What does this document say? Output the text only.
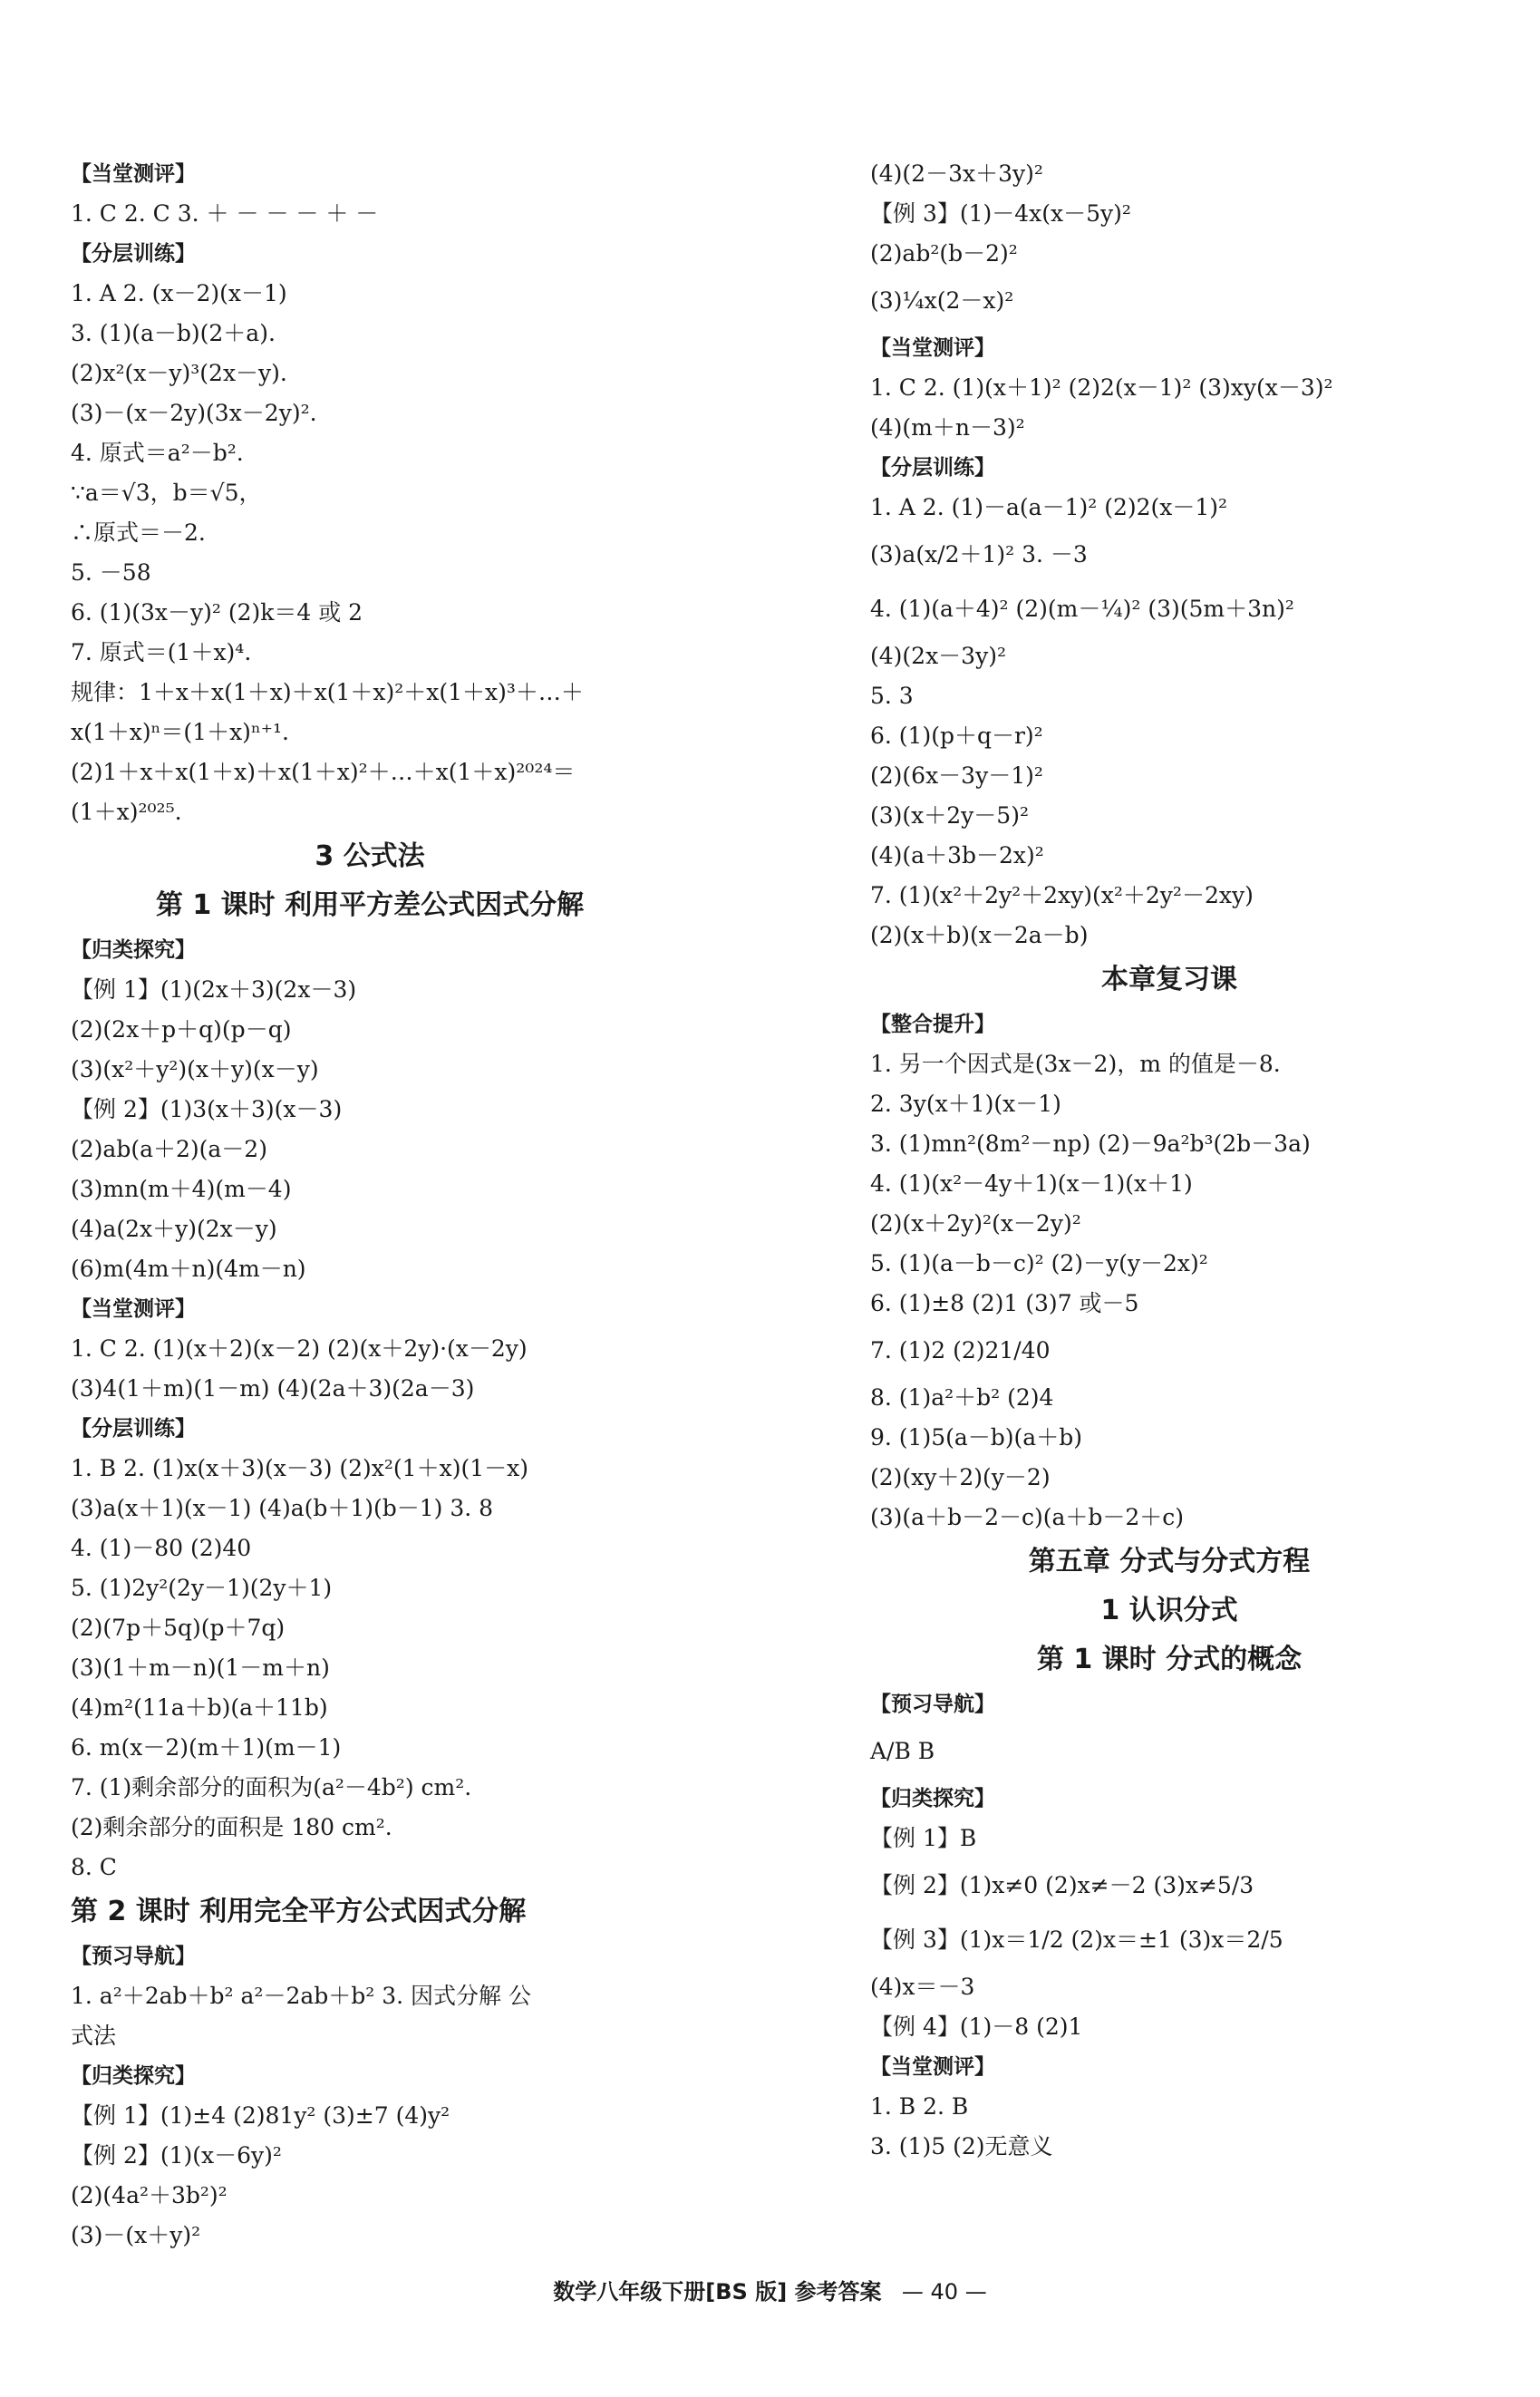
【当堂测评】
1. C 2. C 3. ＋ － － － ＋ －
【分层训练】
1. A 2. (x－2)(x－1)
3. (1)(a－b)(2＋a).
(2)x²(x－y)³(2x－y).
(3)－(x－2y)(3x－2y)².
4. 原式＝a²－b².
∵a＝√3，b＝√5，
∴原式＝－2.
5. －58
6. (1)(3x－y)² (2)k＝4 或 2
7. 原式＝(1＋x)⁴.
规律：1＋x＋x(1＋x)＋x(1＋x)²＋x(1＋x)³＋…＋
x(1＋x)ⁿ＝(1＋x)ⁿ⁺¹.
(2)1＋x＋x(1＋x)＋x(1＋x)²＋…＋x(1＋x)²⁰²⁴＝
(1＋x)²⁰²⁵.
3 公式法
第 1 课时 利用平方差公式因式分解
【归类探究】
【例 1】(1)(2x＋3)(2x－3)
(2)(2x＋p＋q)(p－q)
(3)(x²＋y²)(x＋y)(x－y)
【例 2】(1)3(x＋3)(x－3)
(2)ab(a＋2)(a－2)
(3)mn(m＋4)(m－4)
(4)a(2x＋y)(2x－y)
(6)m(4m＋n)(4m－n)
【当堂测评】
1. C 2. (1)(x＋2)(x－2) (2)(x＋2y)·(x－2y)
(3)4(1＋m)(1－m) (4)(2a＋3)(2a－3)
【分层训练】
1. B 2. (1)x(x＋3)(x－3) (2)x²(1＋x)(1－x)
(3)a(x＋1)(x－1) (4)a(b＋1)(b－1) 3. 8
4. (1)－80 (2)40
5. (1)2y²(2y－1)(2y＋1)
(2)(7p＋5q)(p＋7q)
(3)(1＋m－n)(1－m＋n)
(4)m²(11a＋b)(a＋11b)
6. m(x－2)(m＋1)(m－1)
7. (1)剩余部分的面积为(a²－4b²) cm².
(2)剩余部分的面积是 180 cm².
8. C
第 2 课时 利用完全平方公式因式分解
【预习导航】
1. a²＋2ab＋b² a²－2ab＋b² 3. 因式分解 公
式法
【归类探究】
【例 1】(1)±4 (2)81y² (3)±7 (4)y²
【例 2】(1)(x－6y)²
(2)(4a²＋3b²)²
(3)－(x＋y)²
(4)(2－3x＋3y)²
【例 3】(1)－4x(x－5y)²
(2)ab²(b－2)²
(3)¼x(2－x)²
【当堂测评】
1. C 2. (1)(x＋1)² (2)2(x－1)² (3)xy(x－3)²
(4)(m＋n－3)²
【分层训练】
1. A 2. (1)－a(a－1)² (2)2(x－1)²
(3)a(x/2＋1)² 3. －3
4. (1)(a＋4)² (2)(m－¼)² (3)(5m＋3n)²
(4)(2x－3y)²
5. 3
6. (1)(p＋q－r)²
(2)(6x－3y－1)²
(3)(x＋2y－5)²
(4)(a＋3b－2x)²
7. (1)(x²＋2y²＋2xy)(x²＋2y²－2xy)
(2)(x＋b)(x－2a－b)
本章复习课
【整合提升】
1. 另一个因式是(3x－2)，m 的值是－8.
2. 3y(x＋1)(x－1)
3. (1)mn²(8m²－np) (2)－9a²b³(2b－3a)
4. (1)(x²－4y＋1)(x－1)(x＋1)
(2)(x＋2y)²(x－2y)²
5. (1)(a－b－c)² (2)－y(y－2x)²
6. (1)±8 (2)1 (3)7 或－5
7. (1)2 (2)21/40
8. (1)a²＋b² (2)4
9. (1)5(a－b)(a＋b)
(2)(xy＋2)(y－2)
(3)(a＋b－2－c)(a＋b－2＋c)
第五章 分式与分式方程
1 认识分式
第 1 课时 分式的概念
【预习导航】
A/B B
【归类探究】
【例 1】B
【例 2】(1)x≠0 (2)x≠－2 (3)x≠5/3
【例 3】(1)x＝1/2 (2)x＝±1 (3)x＝2/5
(4)x＝－3
【例 4】(1)－8 (2)1
【当堂测评】
1. B 2. B
3. (1)5 (2)无意义
数学八年级下册[BS 版] 参考答案 — 40 —
